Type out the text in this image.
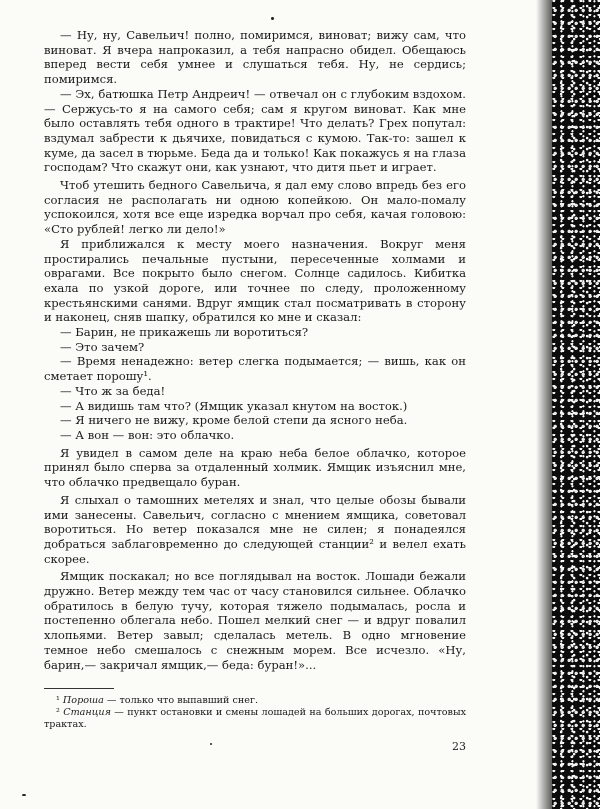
— Ну, ну, Савельич! полно, помиримся, виноват; вижу сам, что виноват. Я вчера напроказил, а тебя напрасно обидел. Обещаюсь вперед вести себя умнее и слушаться тебя. Ну, не сердись; помиримся.

— Эх, батюшка Петр Андреич! — отвечал он с глубоким вздохом. — Сержусь-то я на самого себя; сам я кругом виноват. Как мне было оставлять тебя одного в трактире! Что делать? Грех попутал: вздумал забрести к дьячихе, повидаться с кумою. Так-то: зашел к куме, да засел в тюрьме. Беда да и только! Как покажусь я на глаза господам? Что скажут они, как узнают, что дитя пьет и играет.

Чтоб утешить бедного Савельича, я дал ему слово впредь без его согласия не располагать ни одною копейкою. Он мало-помалу успокоился, хотя все еще изредка ворчал про себя, качая головою: «Сто рублей! легко ли дело!»

Я приближался к месту моего назначения. Вокруг меня простирались печальные пустыни, пересеченные холмами и оврагами. Все покрыто было снегом. Солнце садилось. Кибитка ехала по узкой дороге, или точнее по следу, проложенному крестьянскими санями. Вдруг ямщик стал посматривать в сторону и наконец, сняв шапку, обратился ко мне и сказал:

— Барин, не прикажешь ли воротиться?

— Это зачем?

— Время ненадежно: ветер слегка подымается; — вишь, как он сметает порошу¹.

— Что ж за беда!

— А видишь там что? (Ямщик указал кнутом на восток.)

— Я ничего не вижу, кроме белой степи да ясного неба.

— А вон — вон: это облачко.

Я увидел в самом деле на краю неба белое облачко, которое принял было сперва за отдаленный холмик. Ямщик изъяснил мне, что облачко предвещало буран.

Я слыхал о тамошних метелях и знал, что целые обозы бывали ими занесены. Савельич, согласно с мнением ямщика, советовал воротиться. Но ветер показался мне не силен; я понадеялся добраться заблаговременно до следующей станции² и велел ехать скорее.

Ямщик поскакал; но все поглядывал на восток. Лошади бежали дружно. Ветер между тем час от часу становился сильнее. Облачко обратилось в белую тучу, которая тяжело подымалась, росла и постепенно облегала небо. Пошел мелкий снег — и вдруг повалил хлопьями. Ветер завыл; сделалась метель. В одно мгновение темное небо смешалось с снежным морем. Все исчезло. «Ну, барин,— закричал ямщик,— беда: буран!»...

¹ Пороша — только что выпавший снег.

² Станция — пункт остановки и смены лошадей на больших дорогах, почтовых трактах.

23
